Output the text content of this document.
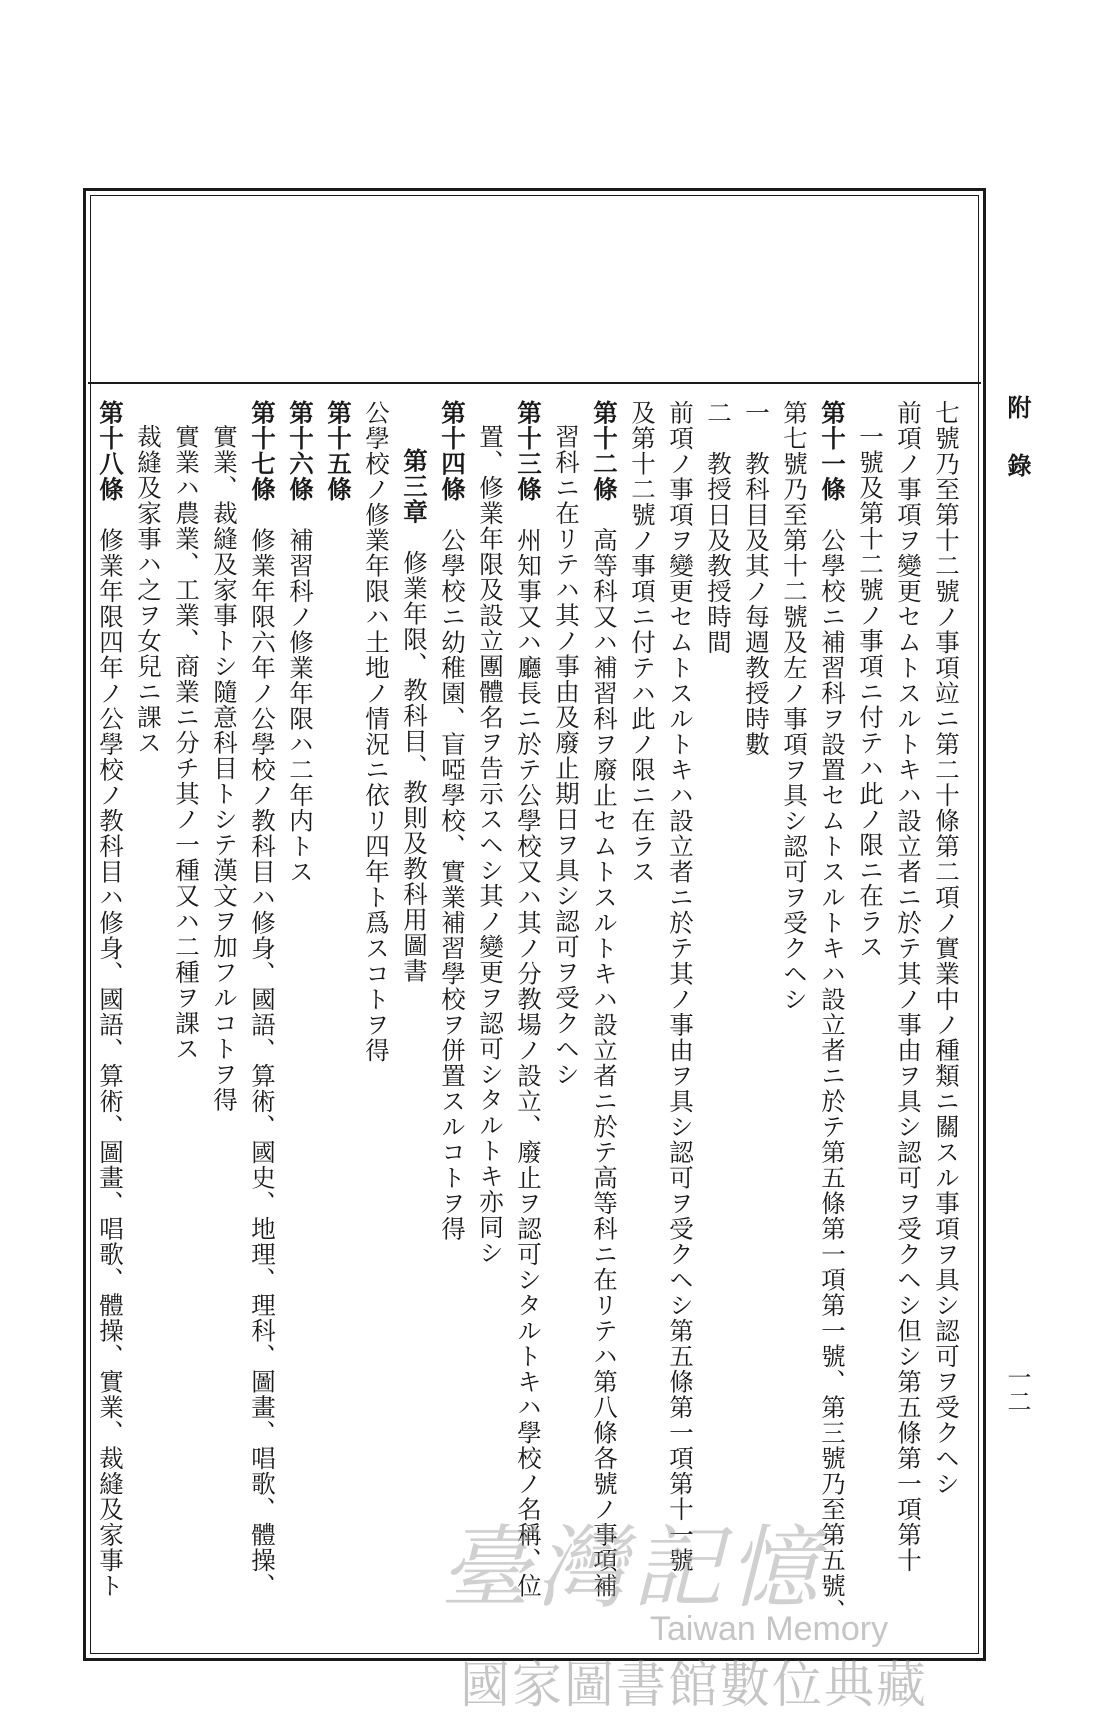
附錄
一二
七號乃至第十二號ノ事項竝ニ第二十條第二項ノ實業中ノ種類ニ關スル事項ヲ具シ認可ヲ受クヘシ
前項ノ事項ヲ變更セムトスルトキハ設立者ニ於テ其ノ事由ヲ具シ認可ヲ受クヘシ但シ第五條第一項第十
一號及第十二號ノ事項ニ付テハ此ノ限ニ在ラス
第十一條　公學校ニ補習科ヲ設置セムトスルトキハ設立者ニ於テ第五條第一項第一號、第三號乃至第五號、
第七號乃至第十二號及左ノ事項ヲ具シ認可ヲ受クヘシ
一　教科目及其ノ每週教授時數
二　教授日及教授時間
前項ノ事項ヲ變更セムトスルトキハ設立者ニ於テ其ノ事由ヲ具シ認可ヲ受クヘシ第五條第一項第十一號
及第十二號ノ事項ニ付テハ此ノ限ニ在ラス
第十二條　高等科又ハ補習科ヲ廢止セムトスルトキハ設立者ニ於テ高等科ニ在リテハ第八條各號ノ事項補
習科ニ在リテハ其ノ事由及廢止期日ヲ具シ認可ヲ受クヘシ
第十三條　州知事又ハ廳長ニ於テ公學校又ハ其ノ分教場ノ設立、廢止ヲ認可シタルトキハ學校ノ名稱、位
置、修業年限及設立團體名ヲ告示スヘシ其ノ變更ヲ認可シタルトキ亦同シ
第十四條　公學校ニ幼稚園、盲啞學校、實業補習學校ヲ併置スルコトヲ得
第三章　修業年限、教科目、教則及教科用圖書
公學校ノ修業年限ハ土地ノ情況ニ依リ四年ト爲スコトヲ得
第十五條
第十六條　補習科ノ修業年限ハ二年内トス
第十七條　修業年限六年ノ公學校ノ教科目ハ修身、國語、算術、國史、地理、理科、圖畫、唱歌、體操、
實業、裁縫及家事トシ隨意科目トシテ漢文ヲ加フルコトヲ得
實業ハ農業、工業、商業ニ分チ其ノ一種又ハ二種ヲ課ス
裁縫及家事ハ之ヲ女兒ニ課ス
第十八條　修業年限四年ノ公學校ノ教科目ハ修身、國語、算術、圖畫、唱歌、體操、實業、裁縫及家事ト	臺灣記憶
Taiwan Memory
國家圖書館數位典藏
